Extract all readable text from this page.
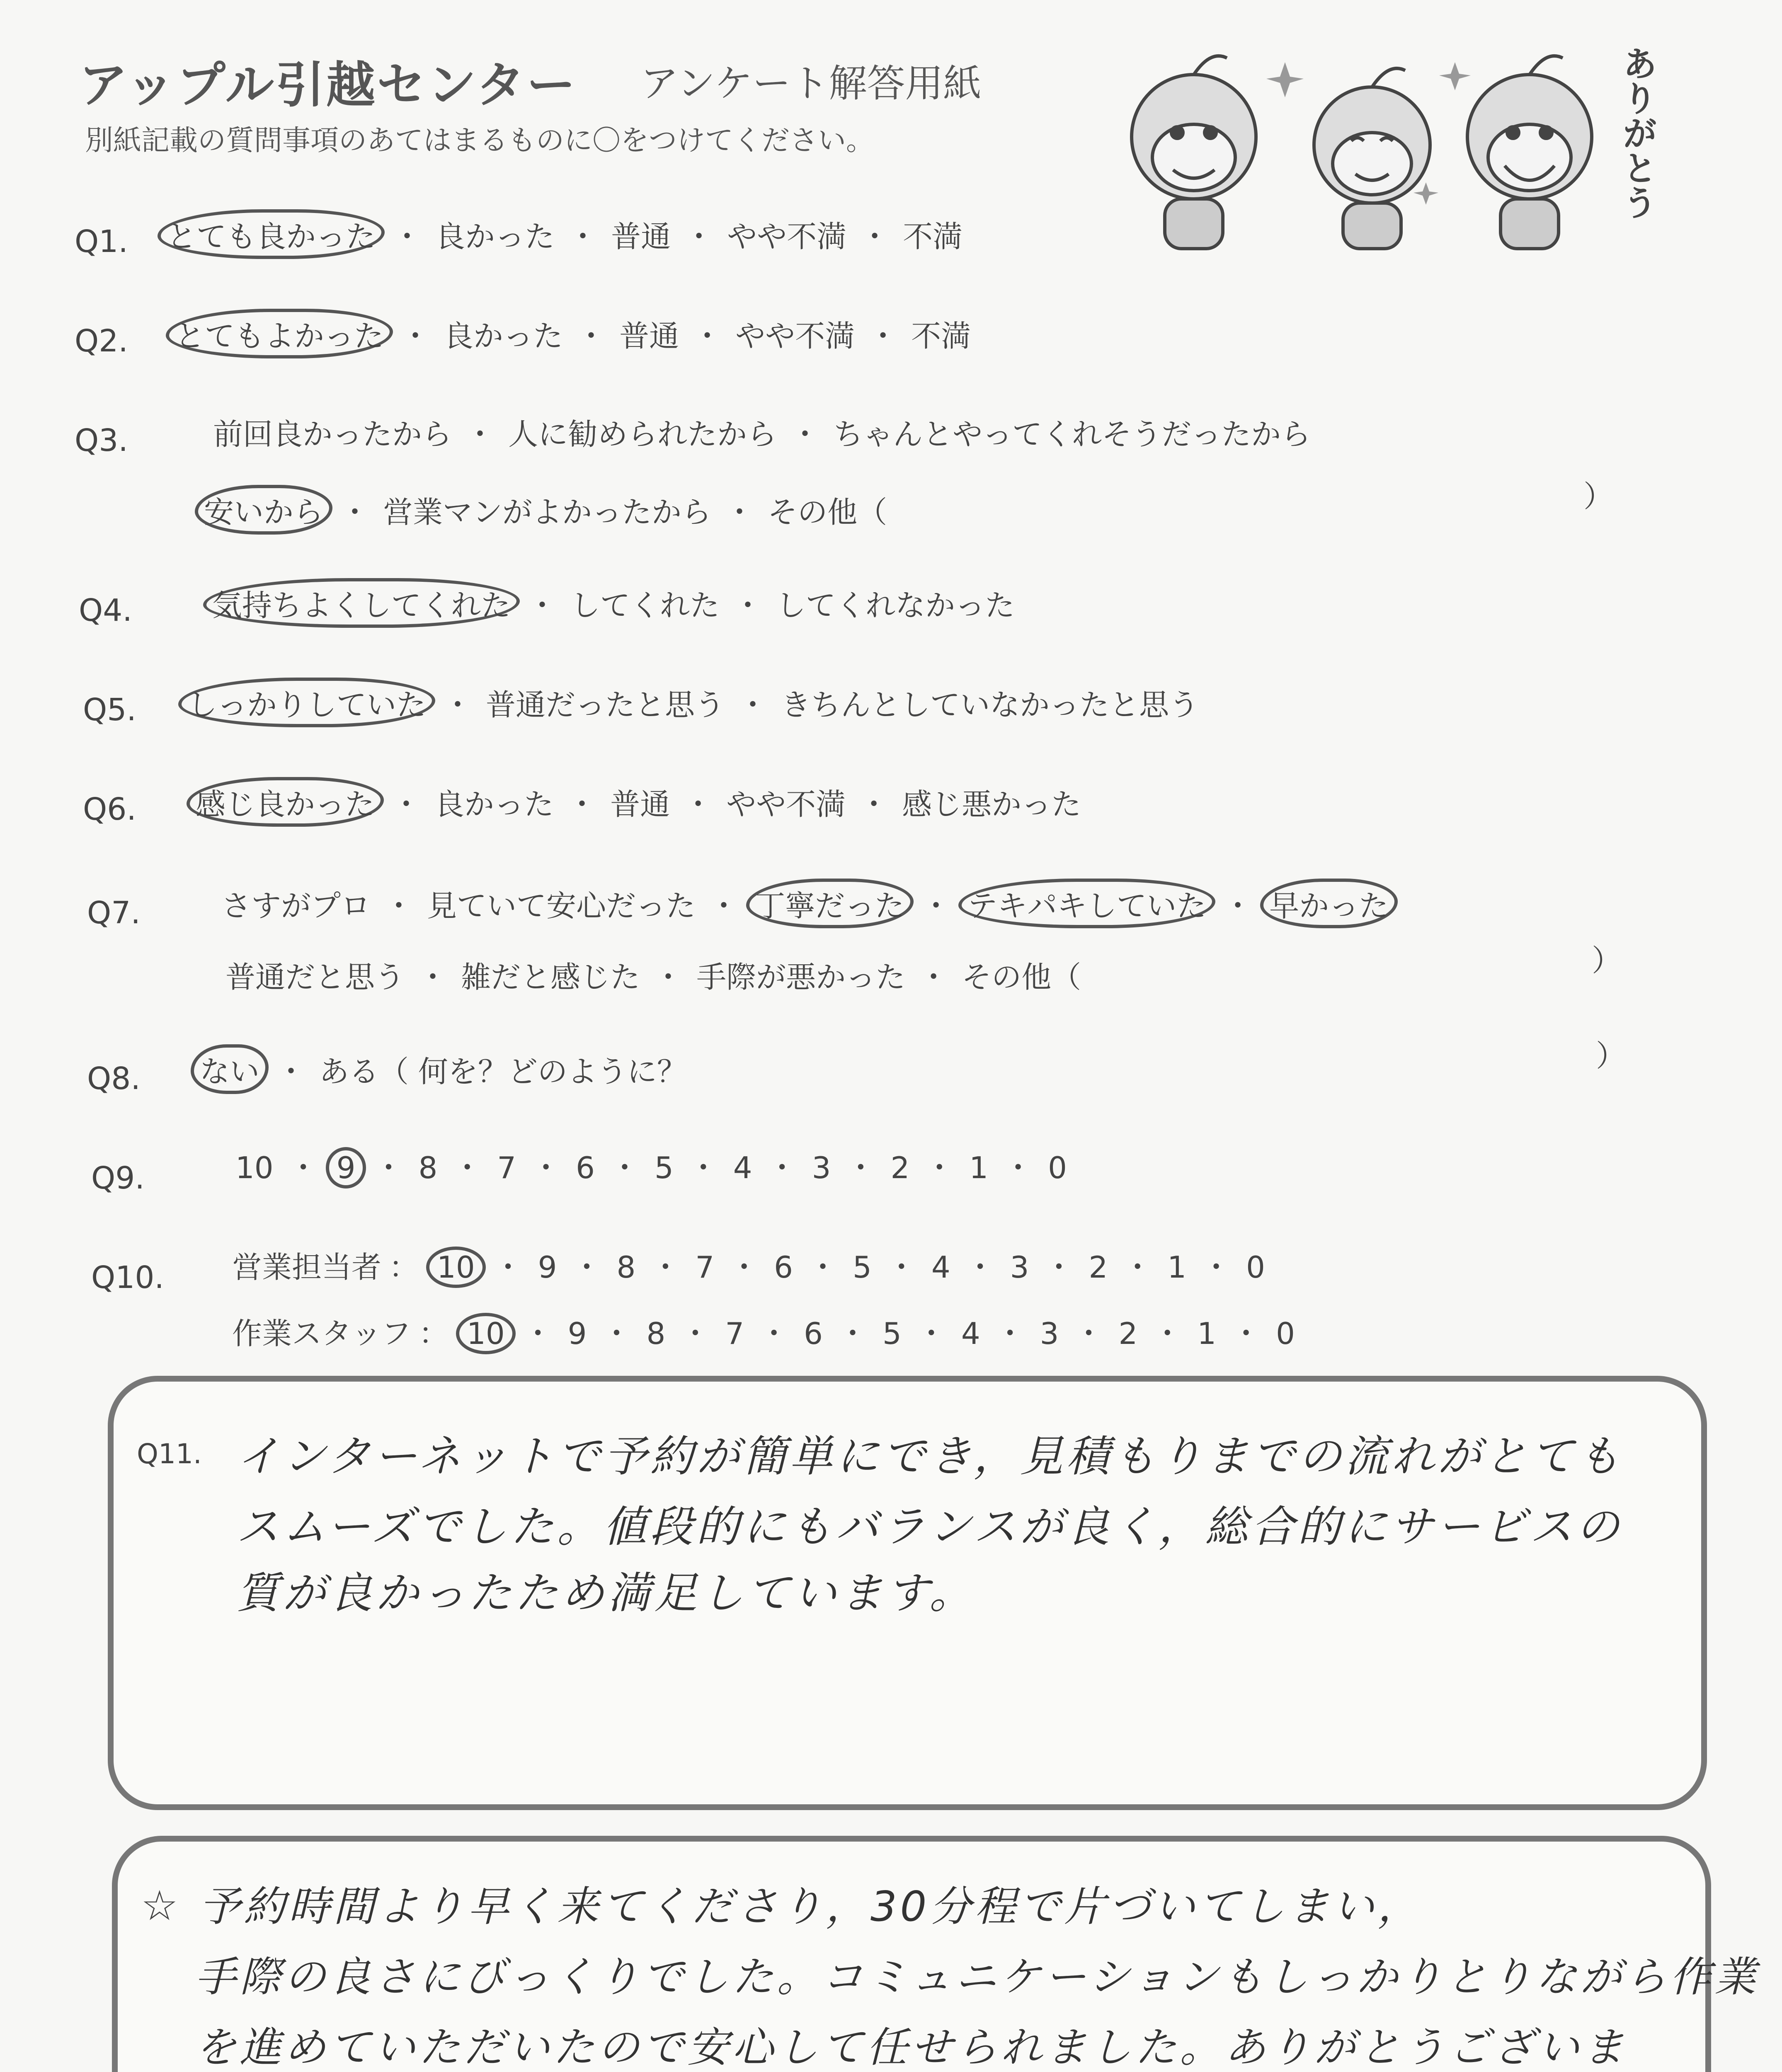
アップル引越センター アンケート解答用紙
別紙記載の質問事項のあてはまるものに〇をつけてください。	ありがとう
Q1.	とても良かった ・ 良かった ・ 普通 ・ やや不満 ・ 不満
Q2.	とてもよかった ・ 良かった ・ 普通 ・ やや不満 ・ 不満
Q3.	前回良かったから ・ 人に勧められたから ・ ちゃんとやってくれそうだったから
安いから ・ 営業マンがよかったから ・ その他（	）
Q4.	気持ちよくしてくれた ・ してくれた ・ してくれなかった
Q5.	しっかりしていた ・ 普通だったと思う ・ きちんとしていなかったと思う
Q6.	感じ良かった ・ 良かった ・ 普通 ・ やや不満 ・ 感じ悪かった
Q7.	さすがプロ ・ 見ていて安心だった ・ 丁寧だった ・ テキパキしていた ・ 早かった
普通だと思う ・ 雑だと感じた ・ 手際が悪かった ・ その他（	）
Q8.	ない ・ ある（ 何を？どのように？	）
Q9.	10 ・ 9 ・ 8 ・ 7 ・ 6 ・ 5 ・ 4 ・ 3 ・ 2 ・ 1 ・ 0
Q10. 営業担当者 ： 10 ・ 9 ・ 8 ・ 7 ・ 6 ・ 5 ・ 4 ・ 3 ・ 2 ・ 1 ・ 0
作業スタッフ ： 10 ・ 9 ・ 8 ・ 7 ・ 6 ・ 5 ・ 4 ・ 3 ・ 2 ・ 1 ・ 0
Q11. インターネットで予約が簡単にでき，見積もりまでの流れがとても
スムーズでした。値段的にもバランスが良く，総合的にサービスの
質が良かったため満足しています。
☆ 予約時間より早く来てくださり，30分程で片づいてしまい，
手際の良さにびっくりでした。コミュニケーションもしっかりとりながら作業
を進めていただいたので安心して任せられました。ありがとうございま
